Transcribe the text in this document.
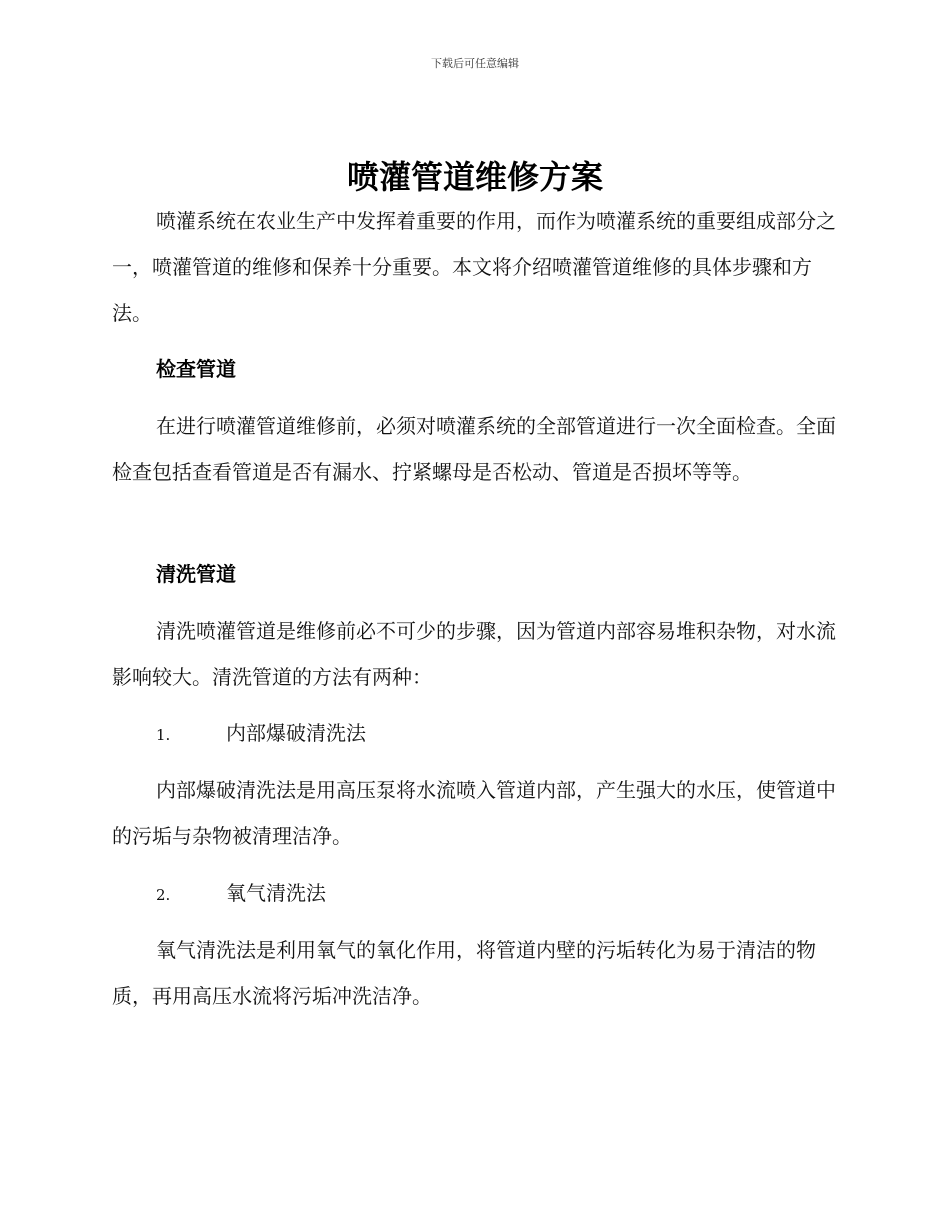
下载后可任意编辑
喷灌管道维修方案

喷灌系统在农业生产中发挥着重要的作用，而作为喷灌系统的重要组成部分之一，喷灌管道的维修和保养十分重要。本文将介绍喷灌管道维修的具体步骤和方法。

检查管道

在进行喷灌管道维修前，必须对喷灌系统的全部管道进行一次全面检查。全面检查包括查看管道是否有漏水、拧紧螺母是否松动、管道是否损坏等等。

清洗管道

清洗喷灌管道是维修前必不可少的步骤，因为管道内部容易堆积杂物，对水流影响较大。清洗管道的方法有两种：

1.	内部爆破清洗法

内部爆破清洗法是用高压泵将水流喷入管道内部，产生强大的水压，使管道中的污垢与杂物被清理洁净。

2.	氧气清洗法

氧气清洗法是利用氧气的氧化作用，将管道内壁的污垢转化为易于清洁的物质，再用高压水流将污垢冲洗洁净。
